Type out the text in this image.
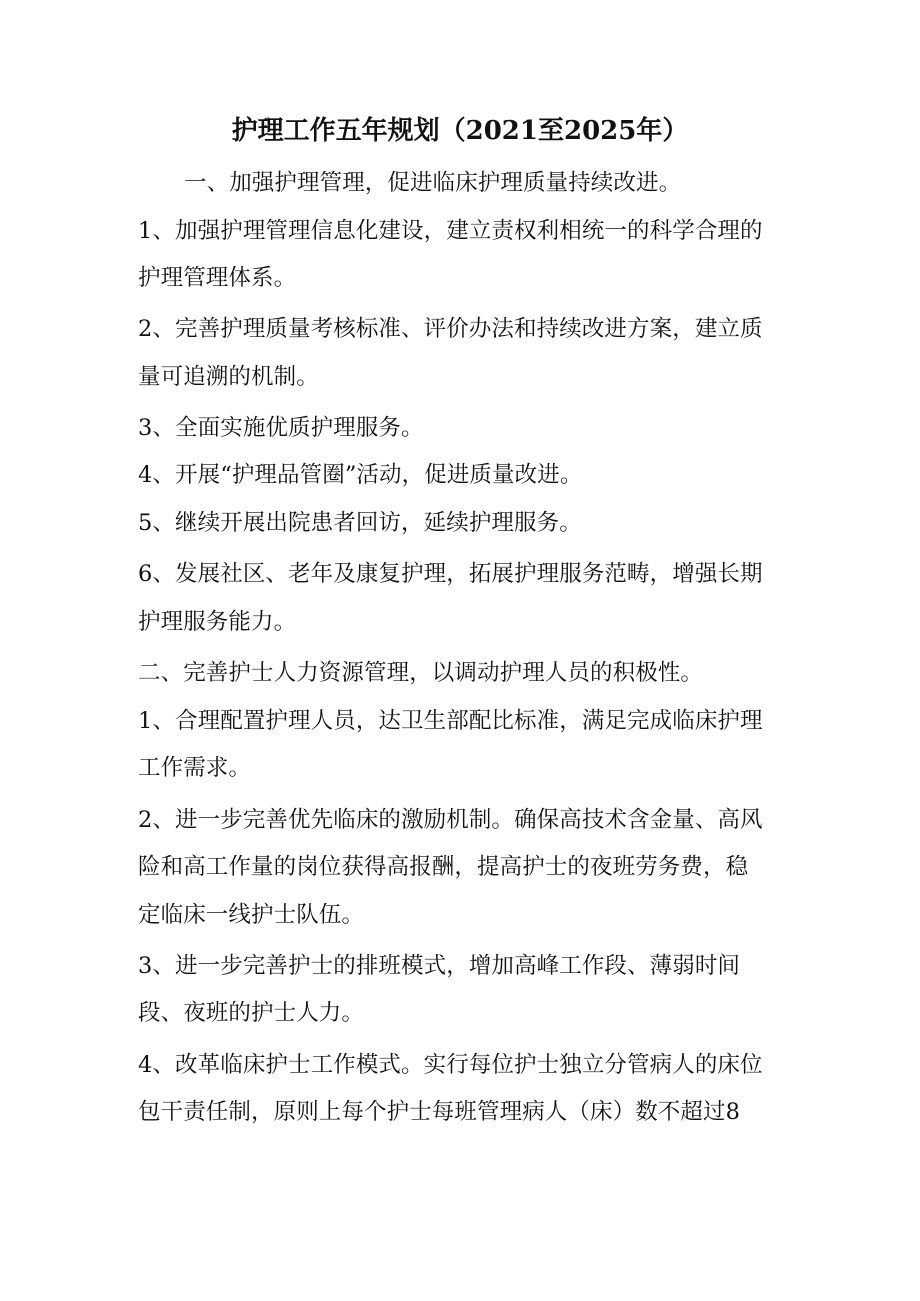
护理工作五年规划（2021至2025年）
一、加强护理管理，促进临床护理质量持续改进。
1、加强护理管理信息化建设，建立责权利相统一的科学合理的
护理管理体系。
2、完善护理质量考核标准、评价办法和持续改进方案，建立质
量可追溯的机制。
3、全面实施优质护理服务。
4、开展“护理品管圈”活动，促进质量改进。
5、继续开展出院患者回访，延续护理服务。
6、发展社区、老年及康复护理，拓展护理服务范畴，增强长期
护理服务能力。
二、完善护士人力资源管理，以调动护理人员的积极性。
1、合理配置护理人员，达卫生部配比标准，满足完成临床护理
工作需求。
2、进一步完善优先临床的激励机制。确保高技术含金量、高风
险和高工作量的岗位获得高报酬，提高护士的夜班劳务费，稳
定临床一线护士队伍。
3、进一步完善护士的排班模式，增加高峰工作段、薄弱时间
段、夜班的护士人力。
4、改革临床护士工作模式。实行每位护士独立分管病人的床位
包干责任制，原则上每个护士每班管理病人（床）数不超过8
